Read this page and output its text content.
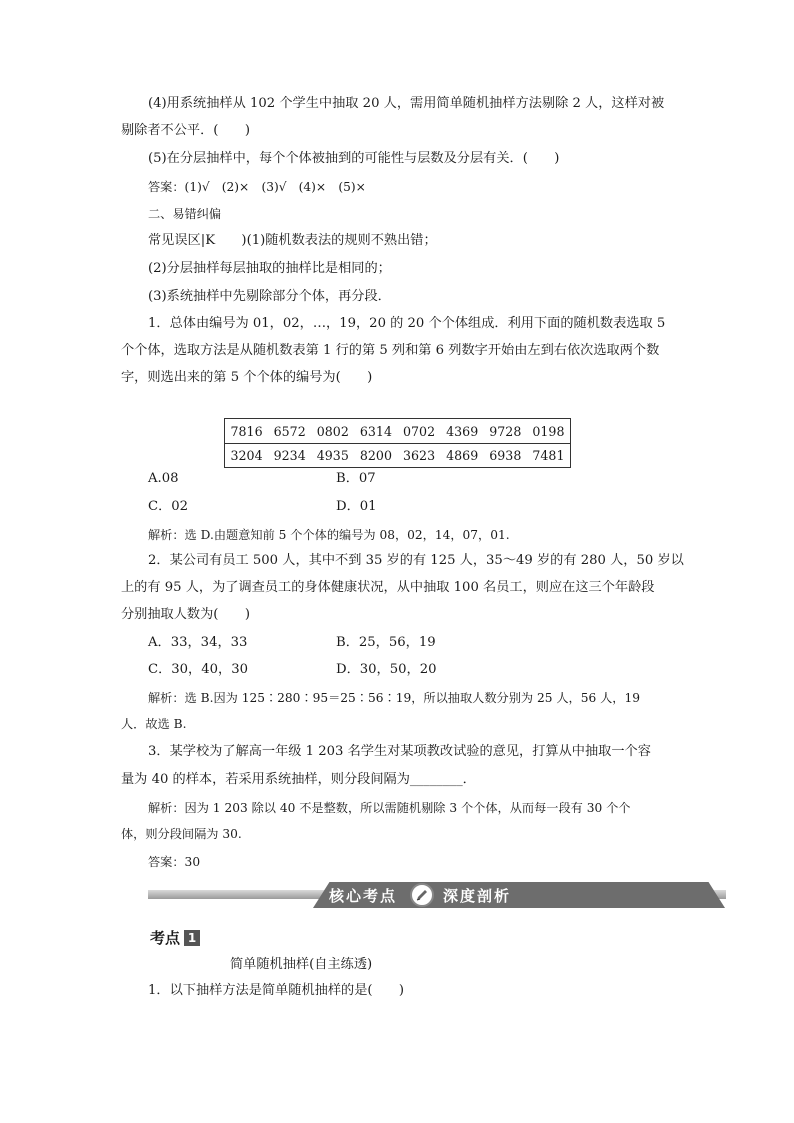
(4)用系统抽样从 102 个学生中抽取 20 人，需用简单随机抽样方法剔除 2 人，这样对被
剔除者不公平．(　　)
(5)在分层抽样中，每个个体被抽到的可能性与层数及分层有关．(　　)
答案：(1)√　(2)×　(3)√　(4)×　(5)×
二、易错纠偏
常见误区|K　　)(1)随机数表法的规则不熟出错；
(2)分层抽样每层抽取的抽样比是相同的；
(3)系统抽样中先剔除部分个体，再分段．
1．总体由编号为 01，02，…，19，20 的 20 个个体组成．利用下面的随机数表选取 5
个个体，选取方法是从随机数表第 1 行的第 5 列和第 6 列数字开始由左到右依次选取两个数
字，则选出来的第 5 个个体的编号为(　　)
7816 6572 0802 6314 0702 4369 9728 0198
3204 9234 4935 8200 3623 4869 6938 7481
A.08	B．07
C．02	D．01
解析：选 D.由题意知前 5 个个体的编号为 08，02，14，07，01.
2．某公司有员工 500 人，其中不到 35 岁的有 125 人，35～49 岁的有 280 人，50 岁以
上的有 95 人，为了调查员工的身体健康状况，从中抽取 100 名员工，则应在这三个年龄段
分别抽取人数为(　　)
A．33，34，33	B．25，56，19
C．30，40，30	D．30，50，20
解析：选 B.因为 125∶280∶95＝25∶56∶19，所以抽取人数分别为 25 人，56 人，19
人．故选 B.
3．某学校为了解高一年级 1 203 名学生对某项教改试验的意见，打算从中抽取一个容
量为 40 的样本，若采用系统抽样，则分段间隔为________．
解析：因为 1 203 除以 40 不是整数，所以需随机剔除 3 个个体，从而每一段有 30 个个
体，则分段间隔为 30.
答案：30
核心考点	深度剖析
考点 1
简单随机抽样(自主练透)
1．以下抽样方法是简单随机抽样的是(　　)
